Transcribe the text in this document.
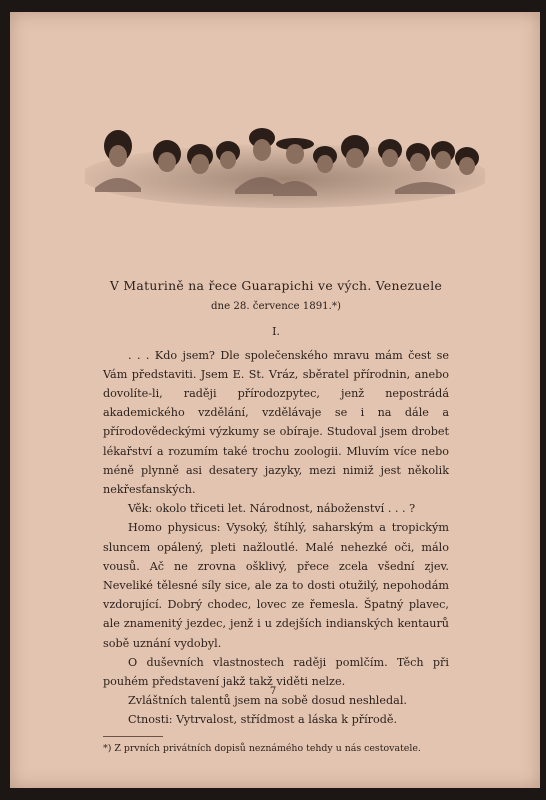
V Maturině na řece Guarapichi ve vých. Venezuele

dne 28. července 1891.*)

I.

. . . Kdo jsem? Dle společenského mravu mám čest se Vám představiti. Jsem E. St. Vráz, sběratel přírodnin, anebo dovolíte-li, raději přírodozpytec, jenž nepostrádá akademického vzdělání, vzdělávaje se i na dále a přírodovědeckými výzkumy se obíraje. Studoval jsem drobet lékařství a rozumím také trochu zoologii. Mluvím více nebo méně plynně asi desatery jazyky, mezi nimiž jest několik nekřesťanských.

Věk: okolo třiceti let. Národnost, náboženství . . . ?

Homo physicus: Vysoký, štíhlý, saharským a tropickým sluncem opálený, pleti nažloutlé. Malé nehezké oči, málo vousů. Ač ne zrovna ošklivý, přece zcela všední zjev. Neveliké tělesné síly sice, ale za to dosti otužilý, nepohodám vzdorující. Dobrý chodec, lovec ze řemesla. Špatný plavec, ale znamenitý jezdec, jenž i u zdejších indianských kentaurů sobě uznání vydobyl.

O duševních vlastnostech raději pomlčím. Těch při pouhém představení jakž takž viděti nelze.

Zvláštních talentů jsem na sobě dosud neshledal.

Ctnosti: Vytrvalost, střídmost a láska k přírodě.

*) Z prvních privátních dopisů neznámého tehdy u nás cestovatele.

7
